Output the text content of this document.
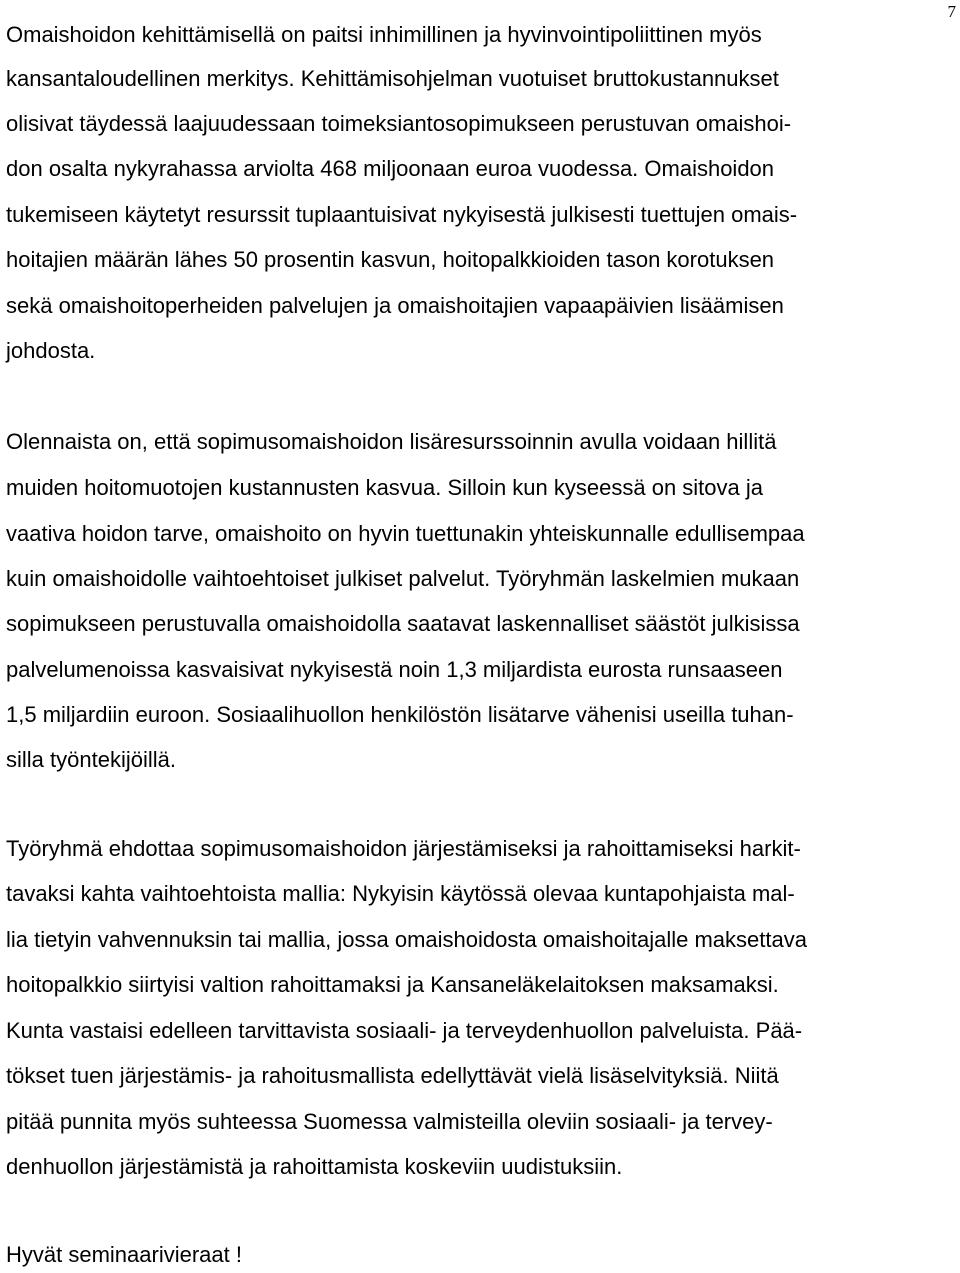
7
Omaishoidon kehittämisellä on paitsi inhimillinen ja hyvinvointipoliittinen myös
kansantaloudellinen merkitys. Kehittämisohjelman vuotuiset bruttokustannukset
olisivat täydessä laajuudessaan toimeksiantosopimukseen perustuvan omaishoi-
don osalta nykyrahassa arviolta 468 miljoonaan euroa vuodessa. Omaishoidon
tukemiseen käytetyt resurssit tuplaantuisivat nykyisestä julkisesti tuettujen omais-
hoitajien määrän lähes 50 prosentin kasvun, hoitopalkkioiden tason korotuksen
sekä omaishoitoperheiden palvelujen ja omaishoitajien vapaapäivien lisäämisen
johdosta.
Olennaista on, että sopimusomaishoidon lisäresurssoinnin avulla voidaan hillitä
muiden hoitomuotojen kustannusten kasvua. Silloin kun kyseessä on sitova ja
vaativa hoidon tarve, omaishoito on hyvin tuettunakin yhteiskunnalle edullisempaa
kuin omaishoidolle vaihtoehtoiset julkiset palvelut. Työryhmän laskelmien mukaan
sopimukseen perustuvalla omaishoidolla saatavat laskennalliset säästöt julkisissa
palvelumenoissa kasvaisivat nykyisestä noin 1,3 miljardista eurosta runsaaseen
1,5 miljardiin euroon. Sosiaalihuollon henkilöstön lisätarve vähenisi useilla tuhan-
silla työntekijöillä.
Työryhmä ehdottaa sopimusomaishoidon järjestämiseksi ja rahoittamiseksi harkit-
tavaksi kahta vaihtoehtoista mallia: Nykyisin käytössä olevaa kuntapohjaista mal-
lia tietyin vahvennuksin tai mallia, jossa omaishoidosta omaishoitajalle maksettava
hoitopalkkio siirtyisi valtion rahoittamaksi ja Kansaneläkelaitoksen maksamaksi.
Kunta vastaisi edelleen tarvittavista sosiaali- ja terveydenhuollon palveluista. Pää-
tökset tuen järjestämis- ja rahoitusmallista edellyttävät vielä lisäselvityksiä. Niitä
pitää punnita myös suhteessa Suomessa valmisteilla oleviin sosiaali- ja tervey-
denhuollon järjestämistä ja rahoittamista koskeviin uudistuksiin.
Hyvät seminaarivieraat !
